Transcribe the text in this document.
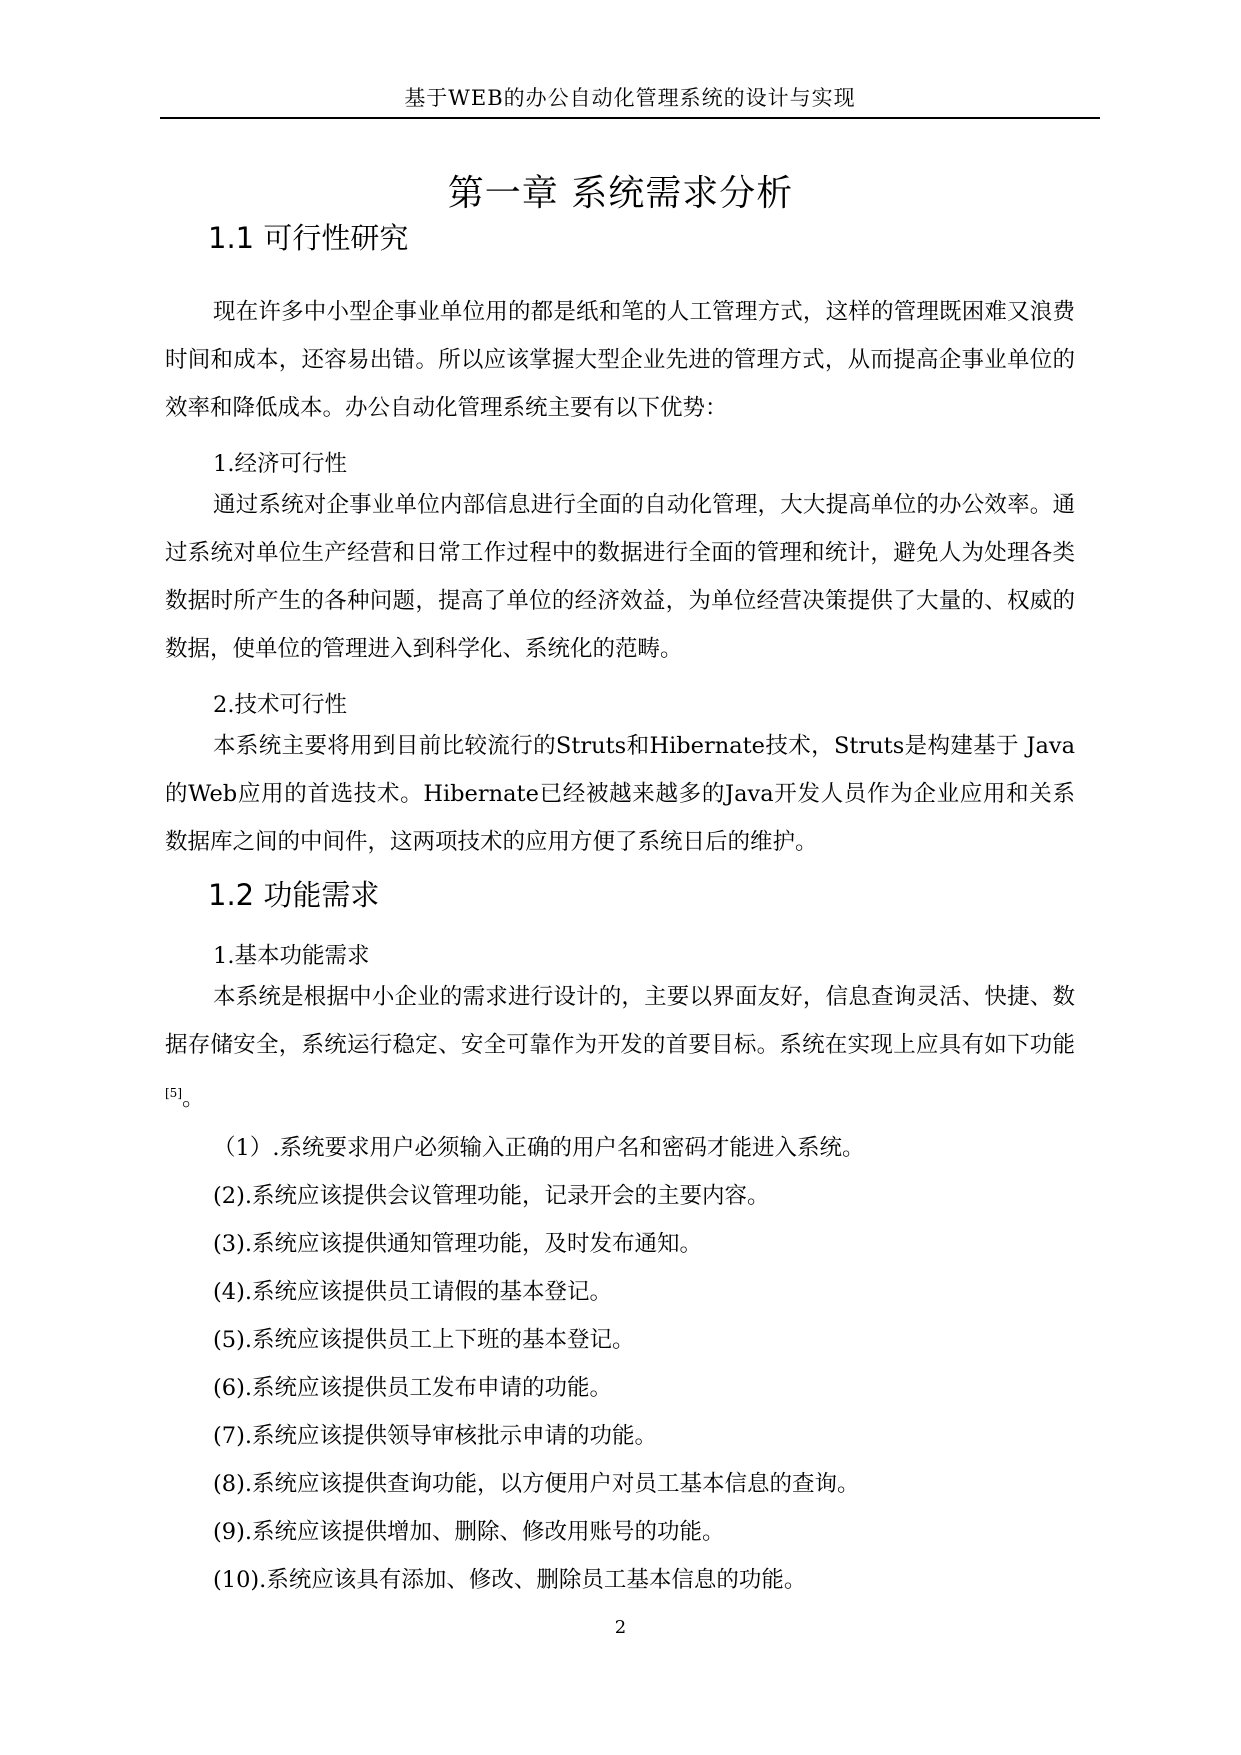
基于WEB的办公自动化管理系统的设计与实现
第一章 系统需求分析
1.1 可行性研究

现在许多中小型企事业单位用的都是纸和笔的人工管理方式，这样的管理既困难又浪费时间和成本，还容易出错。所以应该掌握大型企业先进的管理方式，从而提高企事业单位的效率和降低成本。办公自动化管理系统主要有以下优势：

1.经济可行性

通过系统对企事业单位内部信息进行全面的自动化管理，大大提高单位的办公效率。通过系统对单位生产经营和日常工作过程中的数据进行全面的管理和统计，避免人为处理各类数据时所产生的各种问题，提高了单位的经济效益，为单位经营决策提供了大量的、权威的数据，使单位的管理进入到科学化、系统化的范畴。

2.技术可行性

本系统主要将用到目前比较流行的Struts和Hibernate技术，Struts是构建基于 Java的Web应用的首选技术。Hibernate已经被越来越多的Java开发人员作为企业应用和关系数据库之间的中间件，这两项技术的应用方便了系统日后的维护。

1.2 功能需求

1.基本功能需求

本系统是根据中小企业的需求进行设计的，主要以界面友好，信息查询灵活、快捷、数据存储安全，系统运行稳定、安全可靠作为开发的首要目标。系统在实现上应具有如下功能[5]。

（1）.系统要求用户必须输入正确的用户名和密码才能进入系统。

(2).系统应该提供会议管理功能，记录开会的主要内容。

(3).系统应该提供通知管理功能，及时发布通知。

(4).系统应该提供员工请假的基本登记。

(5).系统应该提供员工上下班的基本登记。

(6).系统应该提供员工发布申请的功能。

(7).系统应该提供领导审核批示申请的功能。

(8).系统应该提供查询功能，以方便用户对员工基本信息的查询。

(9).系统应该提供增加、删除、修改用账号的功能。

(10).系统应该具有添加、修改、删除员工基本信息的功能。

2
